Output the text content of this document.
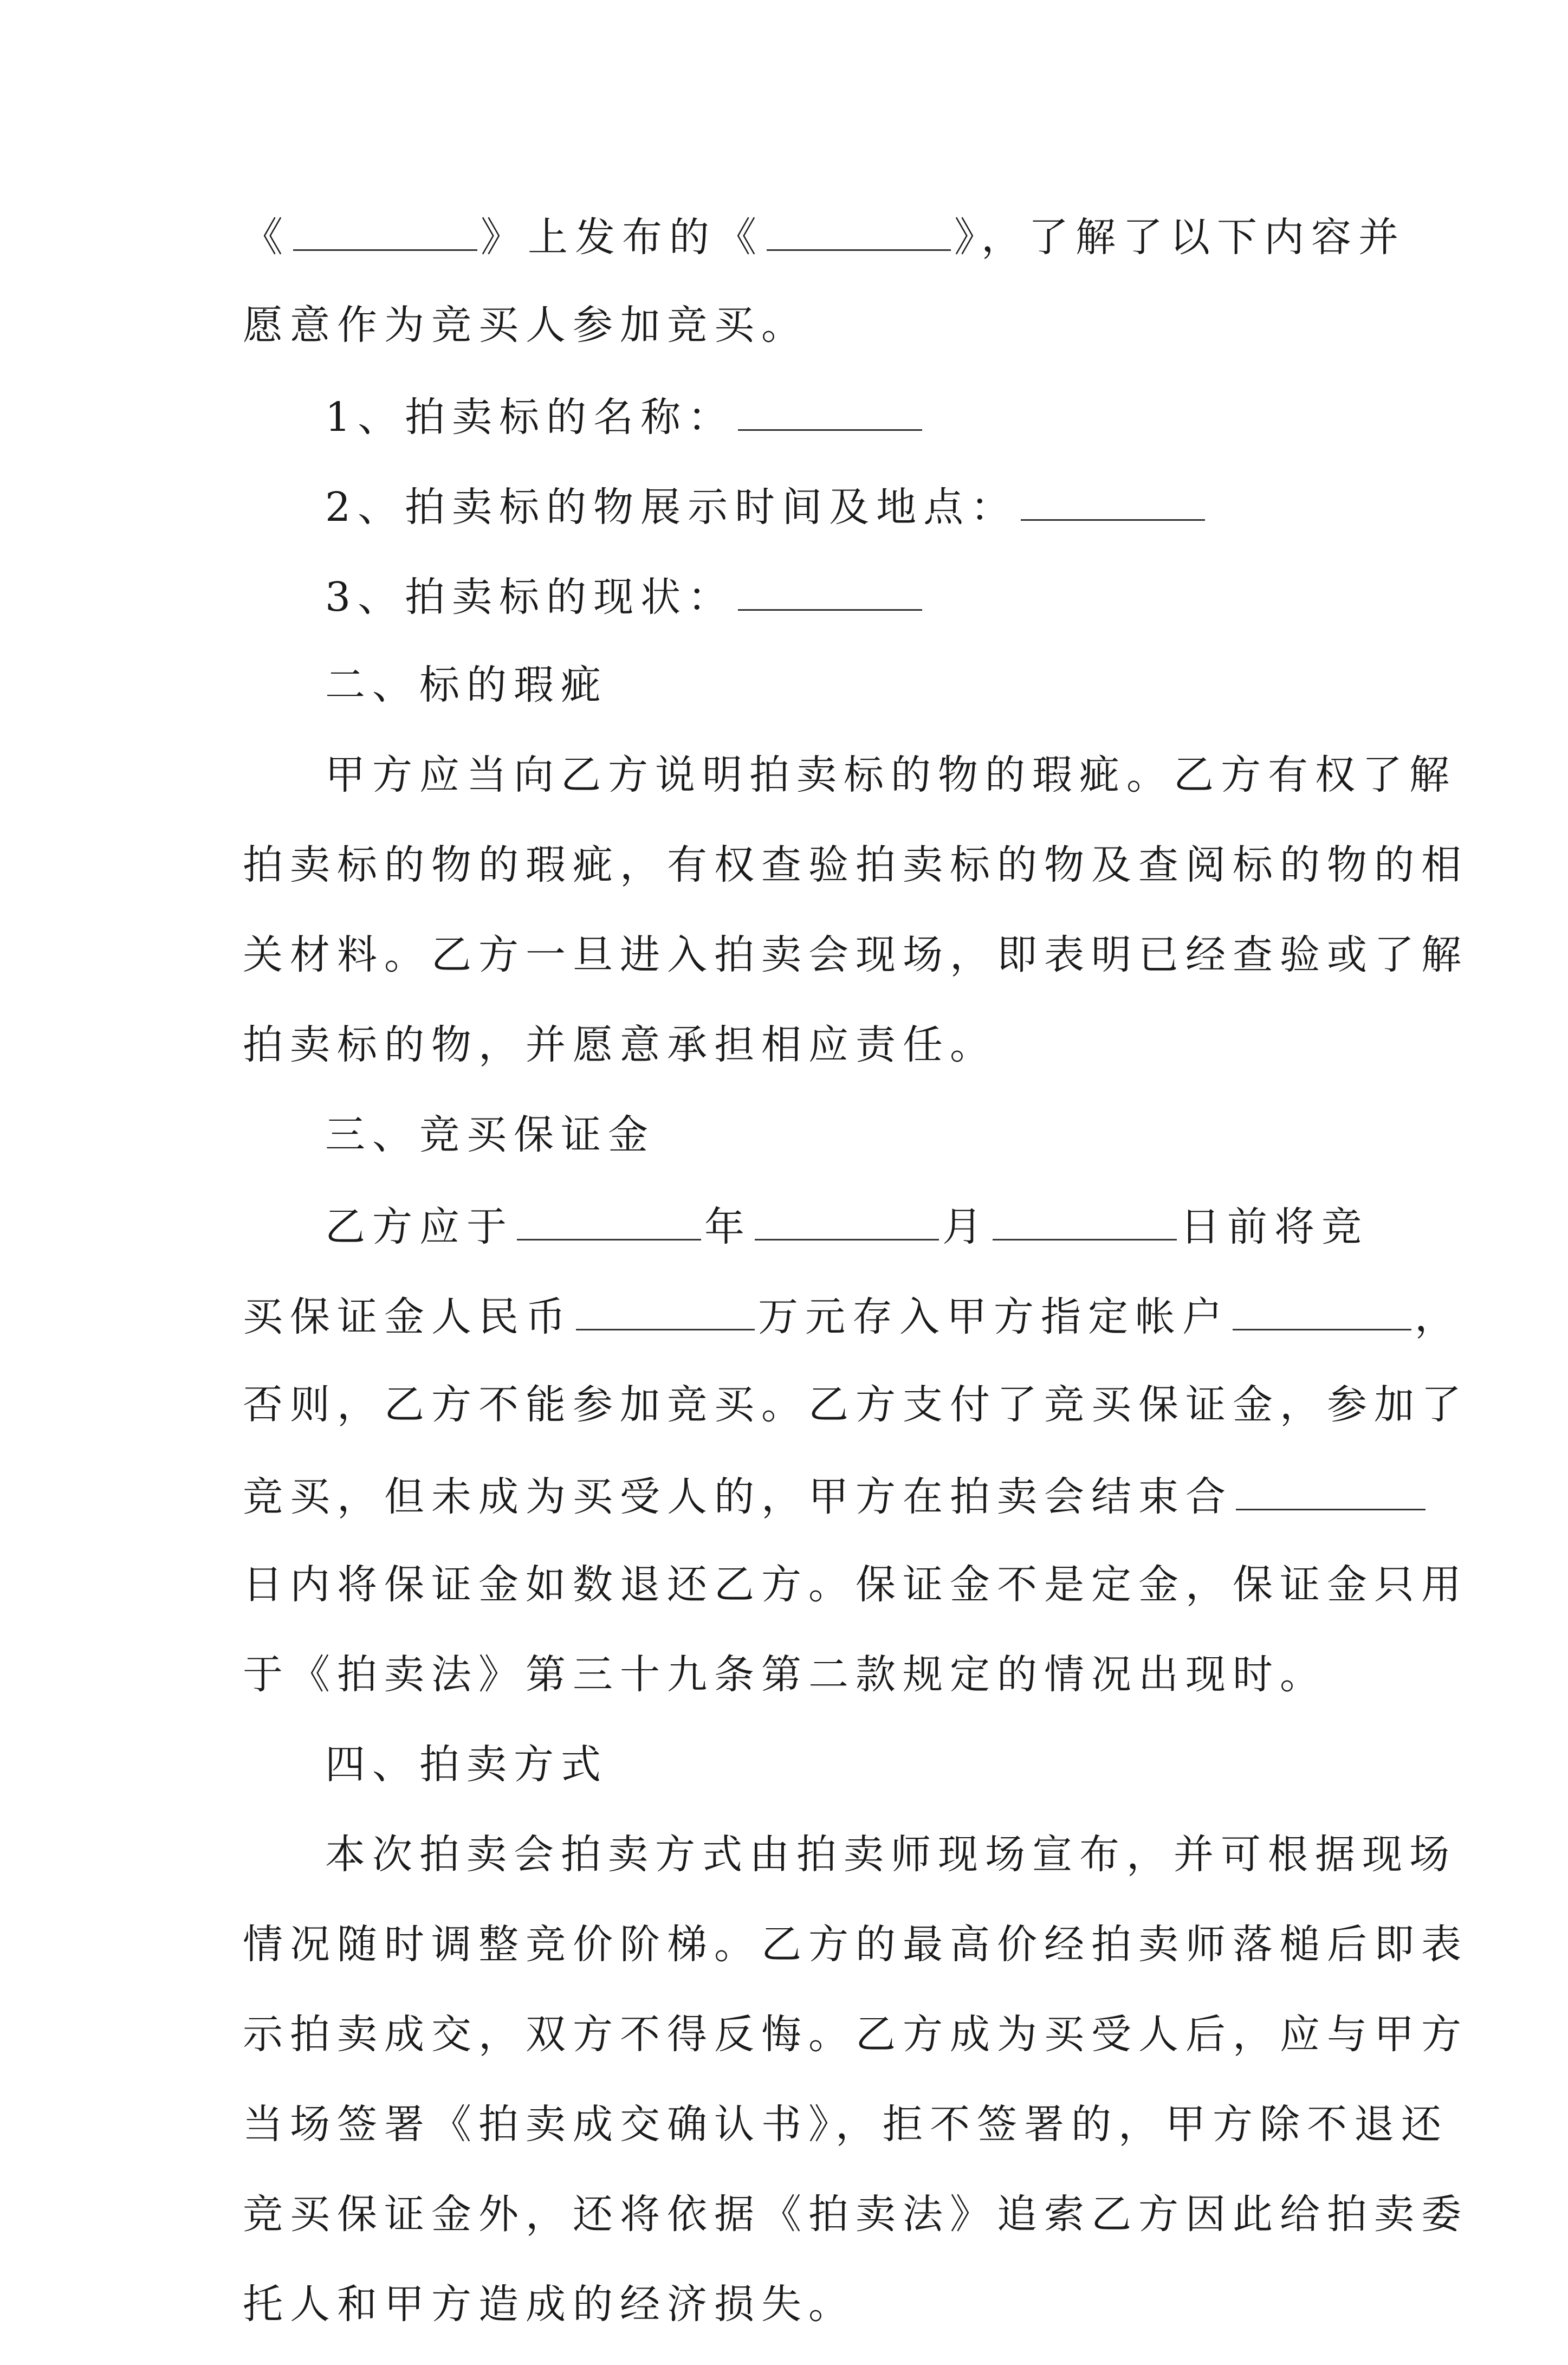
《	》上发布的《	》，了解了以下内容并
愿意作为竞买人参加竞买。
1、拍卖标的名称：
2、拍卖标的物展示时间及地点：
3、拍卖标的现状：
二、标的瑕疵
甲方应当向乙方说明拍卖标的物的瑕疵。乙方有权了解
拍卖标的物的瑕疵，有权查验拍卖标的物及查阅标的物的相
关材料。乙方一旦进入拍卖会现场，即表明已经查验或了解
拍卖标的物，并愿意承担相应责任。
三、竞买保证金
乙方应于	年	月	日前将竞
买保证金人民币	万元存入甲方指定帐户	，
否则，乙方不能参加竞买。乙方支付了竞买保证金，参加了
竞买，但未成为买受人的，甲方在拍卖会结束合
日内将保证金如数退还乙方。保证金不是定金，保证金只用
于《拍卖法》第三十九条第二款规定的情况出现时。
四、拍卖方式
本次拍卖会拍卖方式由拍卖师现场宣布，并可根据现场
情况随时调整竞价阶梯。乙方的最高价经拍卖师落槌后即表
示拍卖成交，双方不得反悔。乙方成为买受人后，应与甲方
当场签署《拍卖成交确认书》，拒不签署的，甲方除不退还
竞买保证金外，还将依据《拍卖法》追索乙方因此给拍卖委
托人和甲方造成的经济损失。
